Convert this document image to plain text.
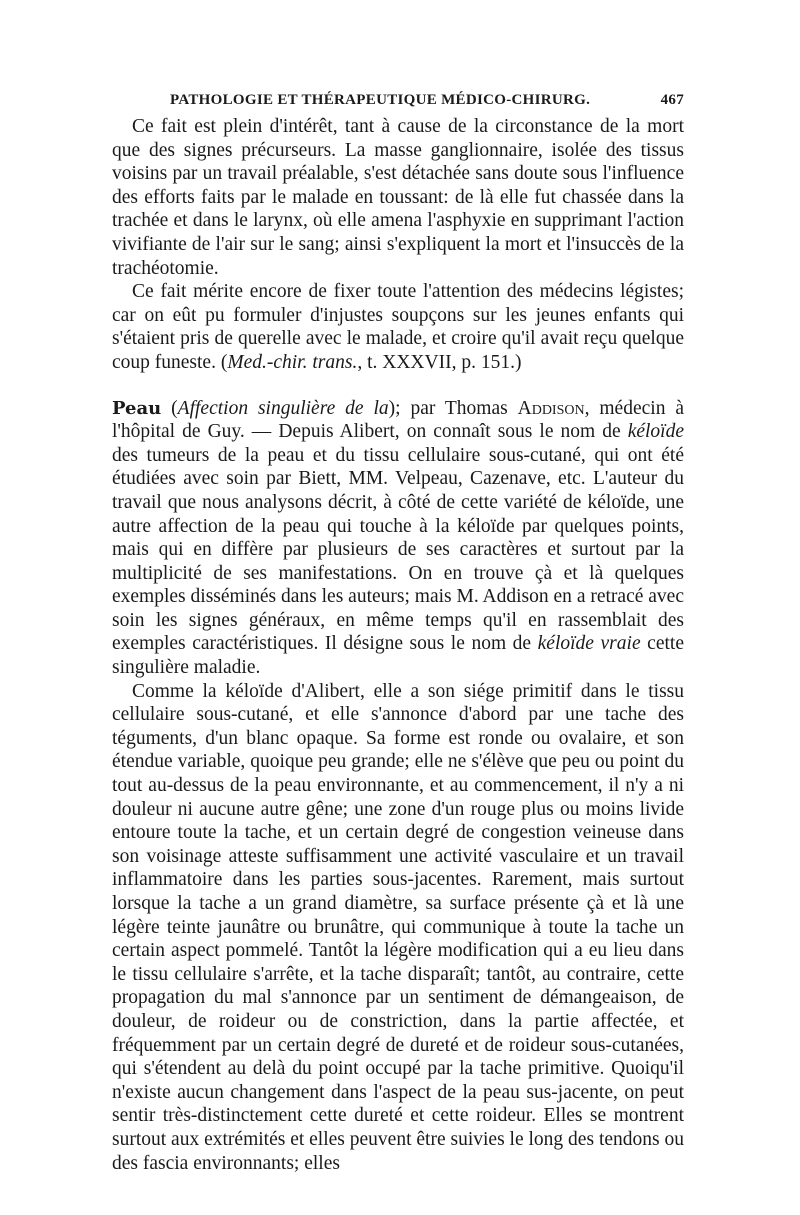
PATHOLOGIE ET THÉRAPEUTIQUE MÉDICO-CHIRURG.	467

Ce fait est plein d'intérêt, tant à cause de la circonstance de la mort que des signes précurseurs. La masse ganglionnaire, isolée des tissus voisins par un travail préalable, s'est détachée sans doute sous l'influence des efforts faits par le malade en toussant: de là elle fut chassée dans la trachée et dans le larynx, où elle amena l'asphyxie en supprimant l'action vivifiante de l'air sur le sang; ainsi s'expliquent la mort et l'insuccès de la trachéotomie.

Ce fait mérite encore de fixer toute l'attention des médecins légistes; car on eût pu formuler d'injustes soupçons sur les jeunes enfants qui s'étaient pris de querelle avec le malade, et croire qu'il avait reçu quelque coup funeste. (Med.-chir. trans., t. XXXVII, p. 151.)

Peau (Affection singulière de la); par Thomas Addison, médecin à l'hôpital de Guy. — Depuis Alibert, on connaît sous le nom de kéloïde des tumeurs de la peau et du tissu cellulaire sous-cutané, qui ont été étudiées avec soin par Biett, MM. Velpeau, Cazenave, etc. L'auteur du travail que nous analysons décrit, à côté de cette variété de kéloïde, une autre affection de la peau qui touche à la kéloïde par quelques points, mais qui en diffère par plusieurs de ses caractères et surtout par la multiplicité de ses manifestations. On en trouve çà et là quelques exemples disséminés dans les auteurs; mais M. Addison en a retracé avec soin les signes généraux, en même temps qu'il en rassemblait des exemples caractéristiques. Il désigne sous le nom de kéloïde vraie cette singulière maladie.

Comme la kéloïde d'Alibert, elle a son siége primitif dans le tissu cellulaire sous-cutané, et elle s'annonce d'abord par une tache des téguments, d'un blanc opaque. Sa forme est ronde ou ovalaire, et son étendue variable, quoique peu grande; elle ne s'élève que peu ou point du tout au-dessus de la peau environnante, et au commencement, il n'y a ni douleur ni aucune autre gêne; une zone d'un rouge plus ou moins livide entoure toute la tache, et un certain degré de congestion veineuse dans son voisinage atteste suffisamment une activité vasculaire et un travail inflammatoire dans les parties sous-jacentes. Rarement, mais surtout lorsque la tache a un grand diamètre, sa surface présente çà et là une légère teinte jaunâtre ou brunâtre, qui communique à toute la tache un certain aspect pommelé. Tantôt la légère modification qui a eu lieu dans le tissu cellulaire s'arrête, et la tache disparaît; tantôt, au contraire, cette propagation du mal s'annonce par un sentiment de démangeaison, de douleur, de roideur ou de constriction, dans la partie affectée, et fréquemment par un certain degré de dureté et de roideur sous-cutanées, qui s'étendent au delà du point occupé par la tache primitive. Quoiqu'il n'existe aucun changement dans l'aspect de la peau sus-jacente, on peut sentir très-distinctement cette dureté et cette roideur. Elles se montrent surtout aux extrémités et elles peuvent être suivies le long des tendons ou des fascia environnants; elles
